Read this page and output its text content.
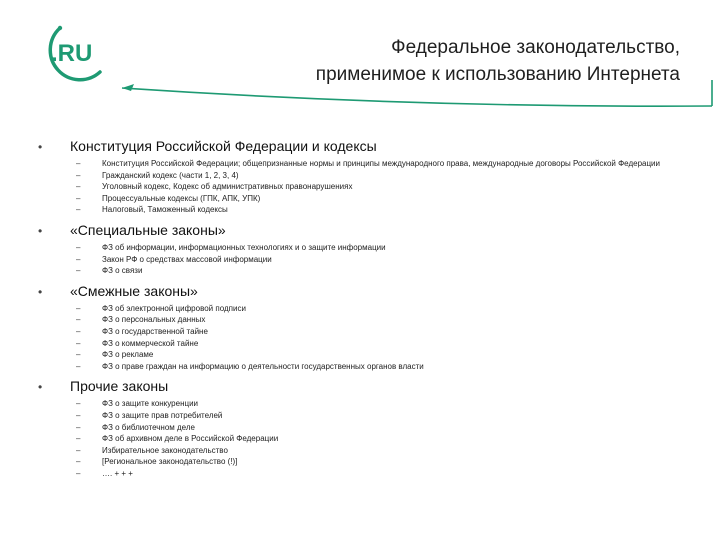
.RU	Федеральное законодательство,
применимое к использованию Интернета
•	Конституция Российской Федерации и кодексы
–	Конституция Российской Федерации; общепризнанные нормы и принципы международного права, международные договоры Российской Федерации
–	Гражданский кодекс (части 1, 2, 3, 4)
–	Уголовный кодекс, Кодекс об административных правонарушениях
–	Процессуальные кодексы (ГПК, АПК, УПК)
–	Налоговый, Таможенный кодексы
•	«Специальные законы»
–	ФЗ об информации, информационных технологиях и о защите информации
–	Закон РФ о средствах массовой информации
–	ФЗ о связи
•	«Смежные законы»
–	ФЗ об электронной цифровой подписи
–	ФЗ о персональных данных
–	ФЗ о государственной тайне
–	ФЗ о коммерческой тайне
–	ФЗ о рекламе
–	ФЗ о праве граждан на информацию о деятельности государственных органов власти
•	Прочие законы
–	ФЗ о защите конкуренции
–	ФЗ о защите прав потребителей
–	ФЗ о библиотечном деле
–	ФЗ об архивном деле в Российской Федерации
–	Избирательное законодательство
–	[Региональное законодательство (!)]
–	…. + + +
